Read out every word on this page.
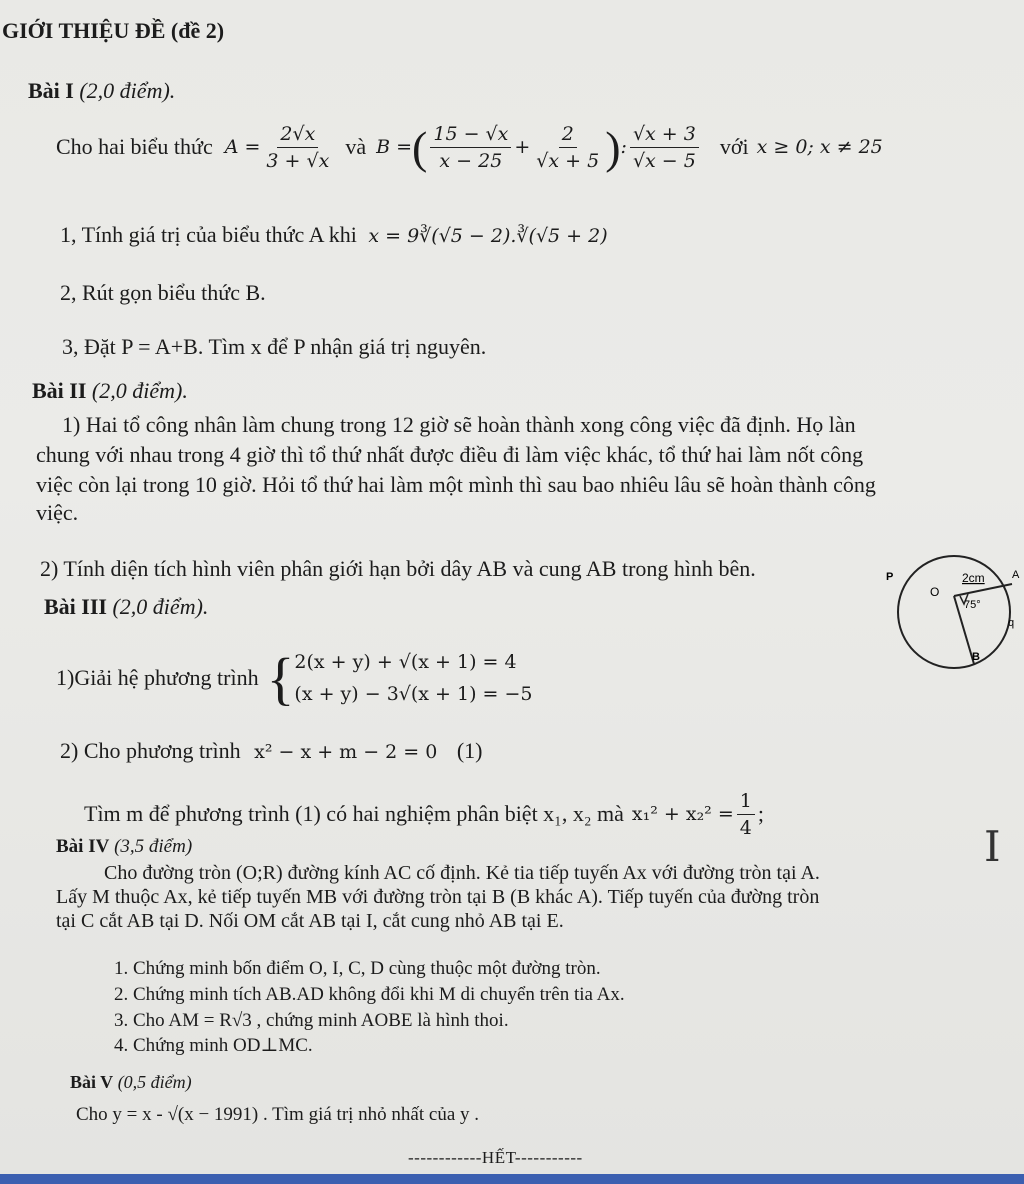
GIỚI THIỆU ĐỀ (đề 2)
Bài I (2,0 điểm).
Cho hai biểu thức $A = \frac{2√x}{3 + √x}$ và B = ( $\frac{15 - √x}{x - 25} + \frac{2}{√x + 5}$ ) : $\frac{√x + 3}{√x - 5}$ với x ≥ 0; x ≠ 25
1, Tính giá trị của biểu thức A khi x = 9∛(√5 − 2).∛(√5 + 2)
2, Rút gọn biểu thức B.
3, Đặt P = A+B. Tìm x để P nhận giá trị nguyên.
Bài II (2,0 điểm).
1) Hai tổ công nhân làm chung trong 12 giờ sẽ hoàn thành xong công việc đã định. Họ làn
chung với nhau trong 4 giờ thì tổ thứ nhất được điều đi làm việc khác, tổ thứ hai làm nốt công
việc còn lại trong 10 giờ. Hỏi tổ thứ hai làm một mình thì sau bao nhiêu lâu sẽ hoàn thành công
việc.
2) Tính diện tích hình viên phân giới hạn bởi dây AB và cung AB trong hình bên.	P
O
2cm
75°
A
q
B
Bài III (2,0 điểm).
1)Giải hệ phương trình { 2(x + y) + √(x + 1) = 4
(x + y) − 3√(x + 1) = −5
2) Cho phương trình x² − x + m − 2 = 0 (1)
Tìm m để phương trình (1) có hai nghiệm phân biệt x₁, x₂ mà $x_1^2 + x_2^2 = \frac{1}{4}$ ;
Bài IV (3,5 điểm)	I
Cho đường tròn (O;R) đường kính AC cố định. Kẻ tia tiếp tuyến Ax với đường tròn tại A.
Lấy M thuộc Ax, kẻ tiếp tuyến MB với đường tròn tại B (B khác A). Tiếp tuyến của đường tròn
tại C cắt AB tại D. Nối OM cắt AB tại I, cắt cung nhỏ AB tại E.
1. Chứng minh bốn điểm O, I, C, D cùng thuộc một đường tròn.
2. Chứng minh tích AB.AD không đổi khi M di chuyển trên tia Ax.
3. Cho AM = R√3 , chứng minh AOBE là hình thoi.
4. Chứng minh OD⊥MC.
Bài V (0,5 điểm)
Cho y = x - √(x − 1991) . Tìm giá trị nhỏ nhất của y .
------------HẾT-----------
